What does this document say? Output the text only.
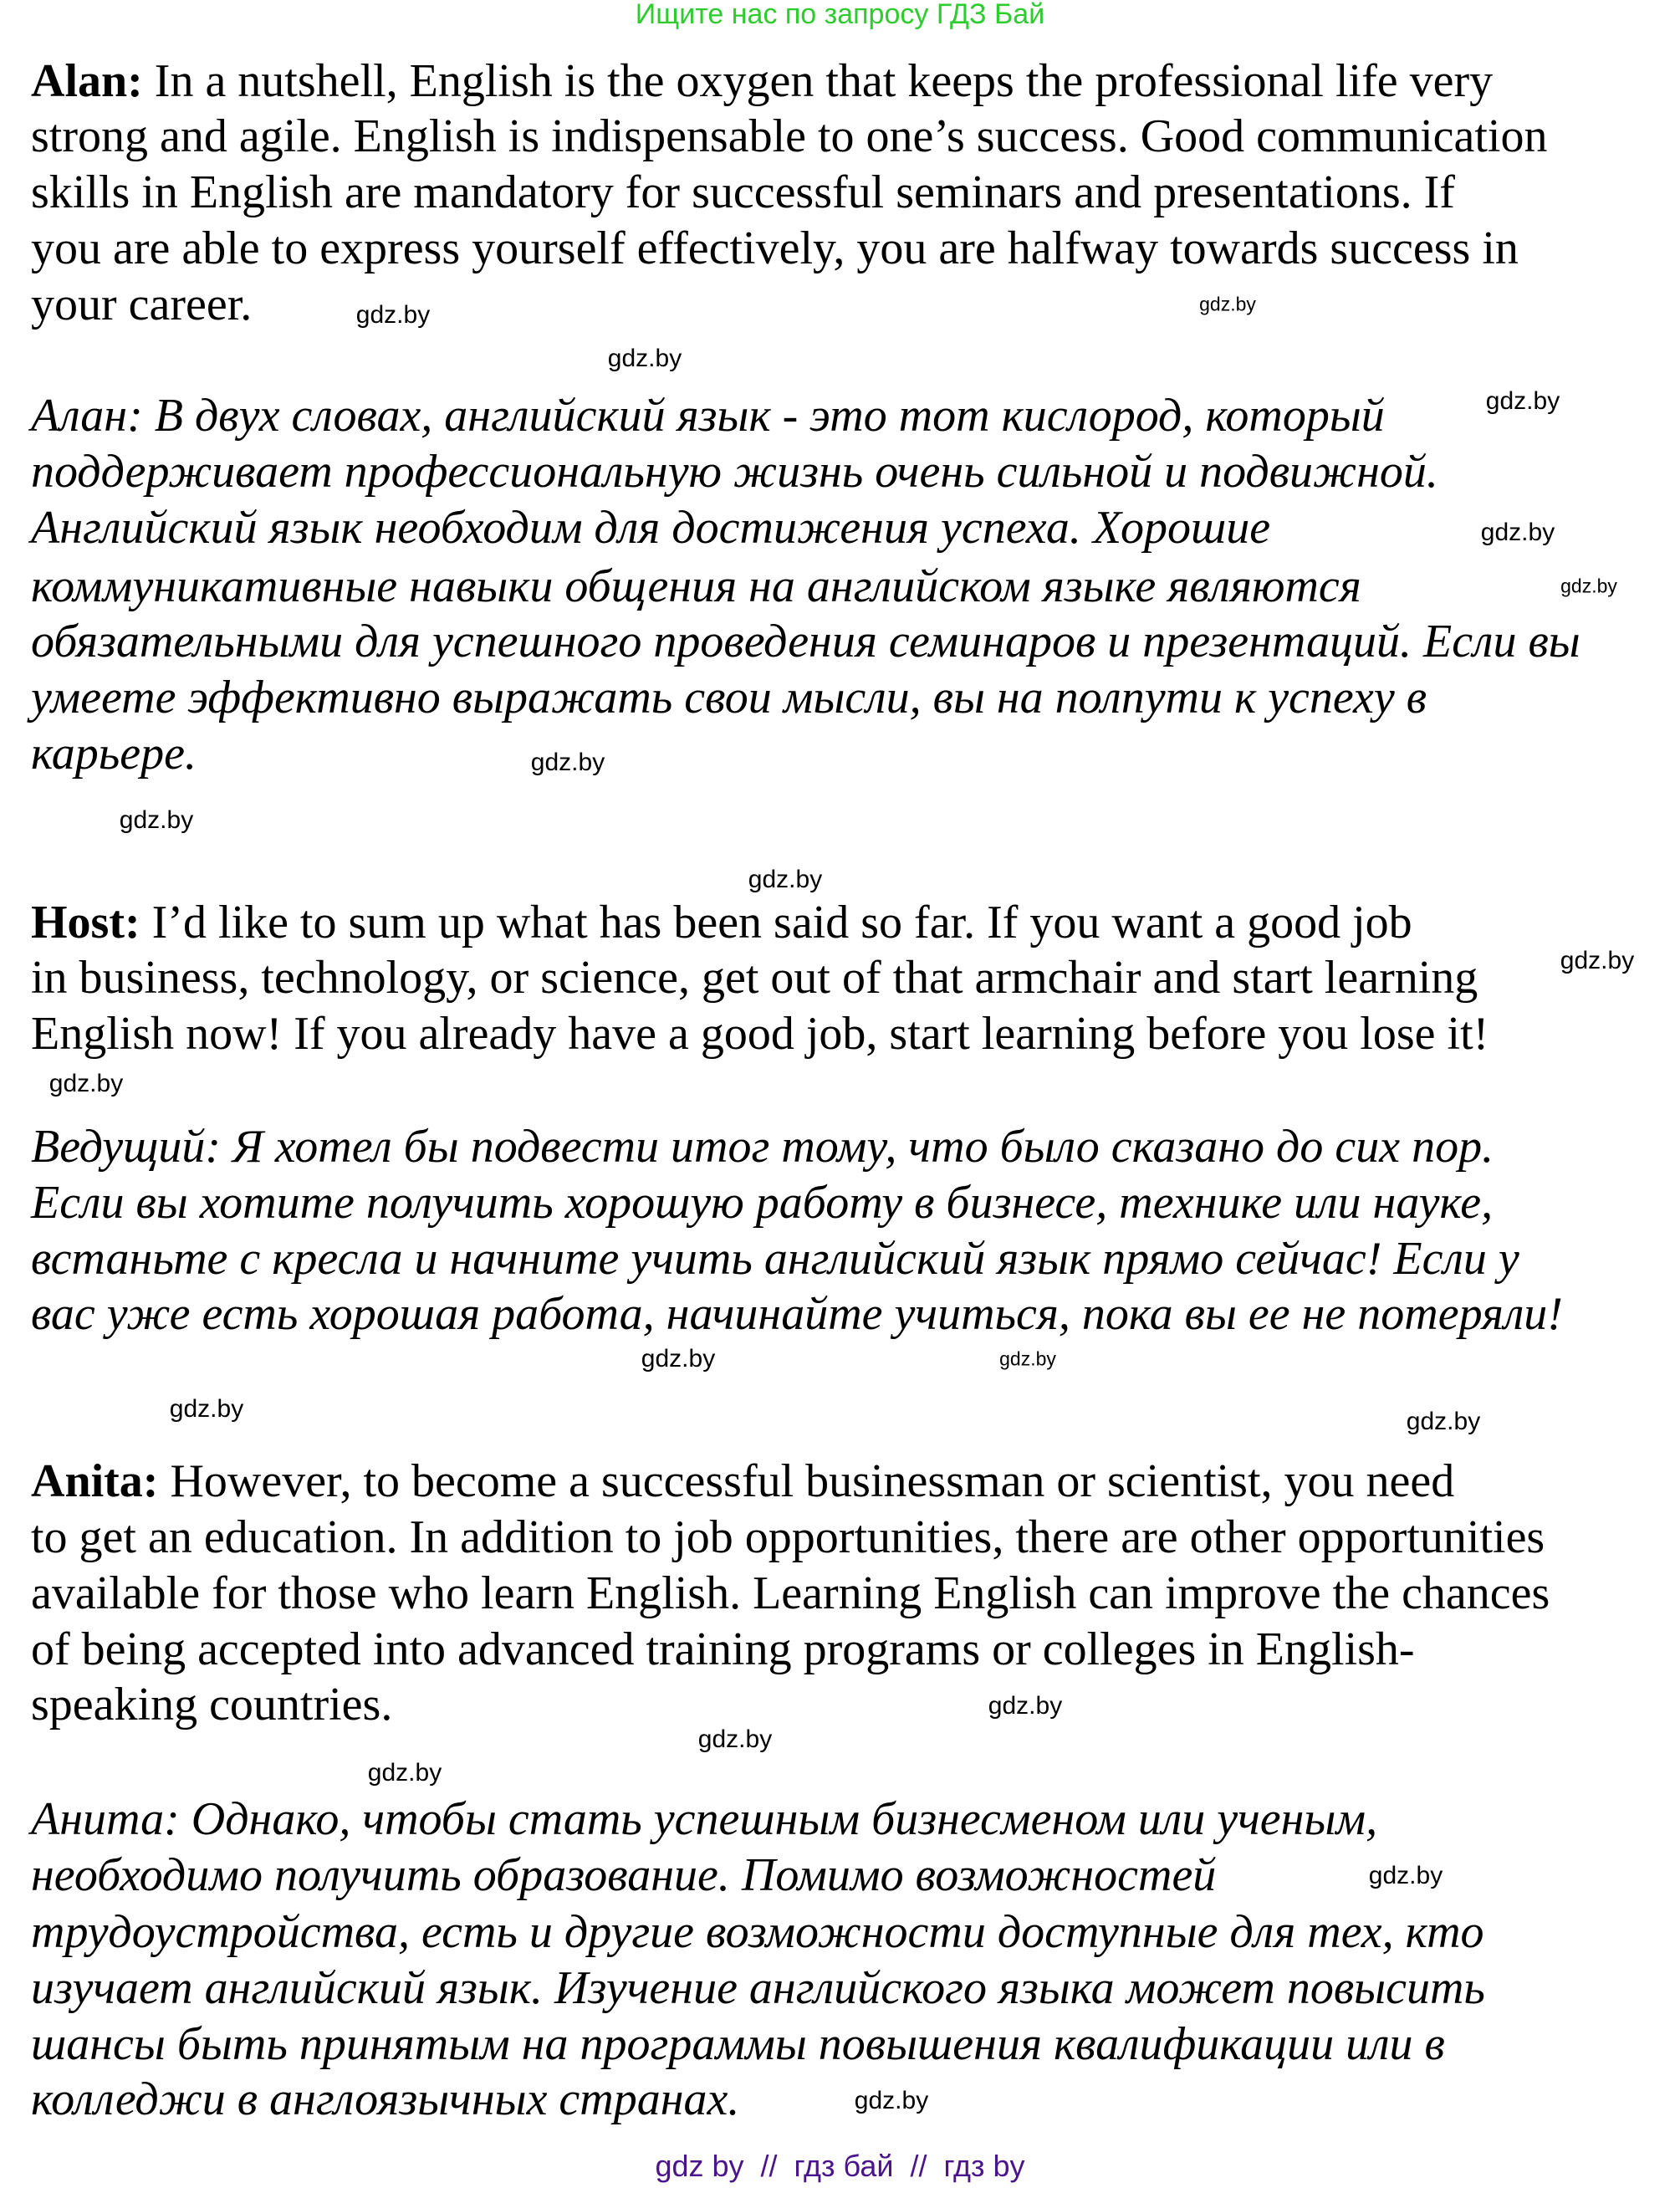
Ищите нас по запросу ГДЗ Бай
Alan: In a nutshell, English is the oxygen that keeps the professional life very
strong and agile. English is indispensable to one’s success. Good communication
skills in English are mandatory for successful seminars and presentations. If
you are able to express yourself effectively, you are halfway towards success in
your career.
Алан: В двух словах, английский язык - это тот кислород, который
поддерживает профессиональную жизнь очень сильной и подвижной.
Английский язык необходим для достижения успеха. Хорошие
коммуникативные навыки общения на английском языке являются
обязательными для успешного проведения семинаров и презентаций. Если вы
умеете эффективно выражать свои мысли, вы на полпути к успеху в
карьере.
Host: I’d like to sum up what has been said so far. If you want a good job
in business, technology, or science, get out of that armchair and start learning
English now! If you already have a good job, start learning before you lose it!
Ведущий: Я хотел бы подвести итог тому, что было сказано до сих пор.
Если вы хотите получить хорошую работу в бизнесе, технике или науке,
встаньте с кресла и начните учить английский язык прямо сейчас! Если у
вас уже есть хорошая работа, начинайте учиться, пока вы ее не потеряли!
Anita: However, to become a successful businessman or scientist, you need
to get an education. In addition to job opportunities, there are other opportunities
available for those who learn English. Learning English can improve the chances
of being accepted into advanced training programs or colleges in English-
speaking countries.
Анита: Однако, чтобы стать успешным бизнесменом или ученым,
необходимо получить образование. Помимо возможностей
трудоустройства, есть и другие возможности доступные для тех, кто
изучает английский язык. Изучение английского языка может повысить
шансы быть принятым на программы повышения квалификации или в
колледжи в англоязычных странах.
gdz.by
gdz.by
gdz.by
gdz.by
gdz.by
gdz.by
gdz.by
gdz.by
gdz.by
gdz.by
gdz.by
gdz.by
gdz.by
gdz.by	gdz.by
gdz.by
gdz.by
gdz.by
gdz.by
gdz.by
gdz by  //  гдз бай  //  гдз by
